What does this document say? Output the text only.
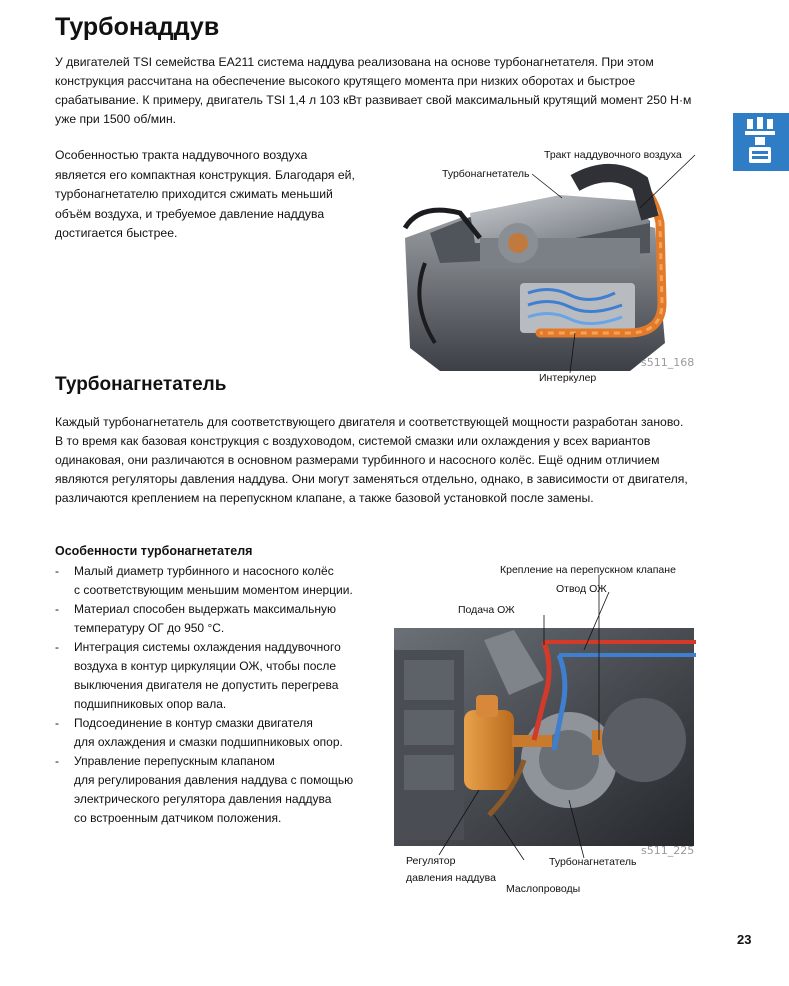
Турбонаддув

У двигателей TSI семейства EA211 система наддува реализована на основе турбонагнетателя. При этом

конструкция рассчитана на обеспечение высокого крутящего момента при низких оборотах и быстрое

срабатывание. К примеру, двигатель TSI 1,4 л 103 кВт развивает свой максимальный крутящий момент 250 Н·м

уже при 1500 об/мин.

Особенностью тракта наддувочного воздуха

является его компактная конструкция. Благодаря ей,

турбонагнетателю приходится сжимать меньший

объём воздуха, и требуемое давление наддува

достигается быстрее.

Тракт наддувочного воздуха
Турбонагнетатель
Интеркулер
s511_168
Турбонагнетатель

Каждый турбонагнетатель для соответствующего двигателя и соответствующей мощности разработан заново.

В то время как базовая конструкция с воздуховодом, системой смазки или охлаждения у всех вариантов

одинаковая, они различаются в основном размерами турбинного и насосного колёс. Ещё одним отличием

являются регуляторы давления наддува. Они могут заменяться отдельно, однако, в зависимости от двигателя,

различаются креплением на перепускном клапане, а также базовой установкой после замены.

Особенности турбонагнетателя
- Малый диаметр турбинного и насосного колёс
с соответствующим меньшим моментом инерции.
- Материал способен выдержать максимальную
температуру ОГ до 950 °C.
- Интеграция системы охлаждения наддувочного
воздуха в контур циркуляции ОЖ, чтобы после
выключения двигателя не допустить перегрева
подшипниковых опор вала.
- Подсоединение в контур смазки двигателя
для охлаждения и смазки подшипниковых опор.
- Управление перепускным клапаном
для регулирования давления наддува с помощью
электрического регулятора давления наддува
со встроенным датчиком положения.
Крепление на перепускном клапане
Отвод ОЖ
Подача ОЖ
s511_225
Регулятор
давления наддува
Турбонагнетатель
Маслопроводы
23
